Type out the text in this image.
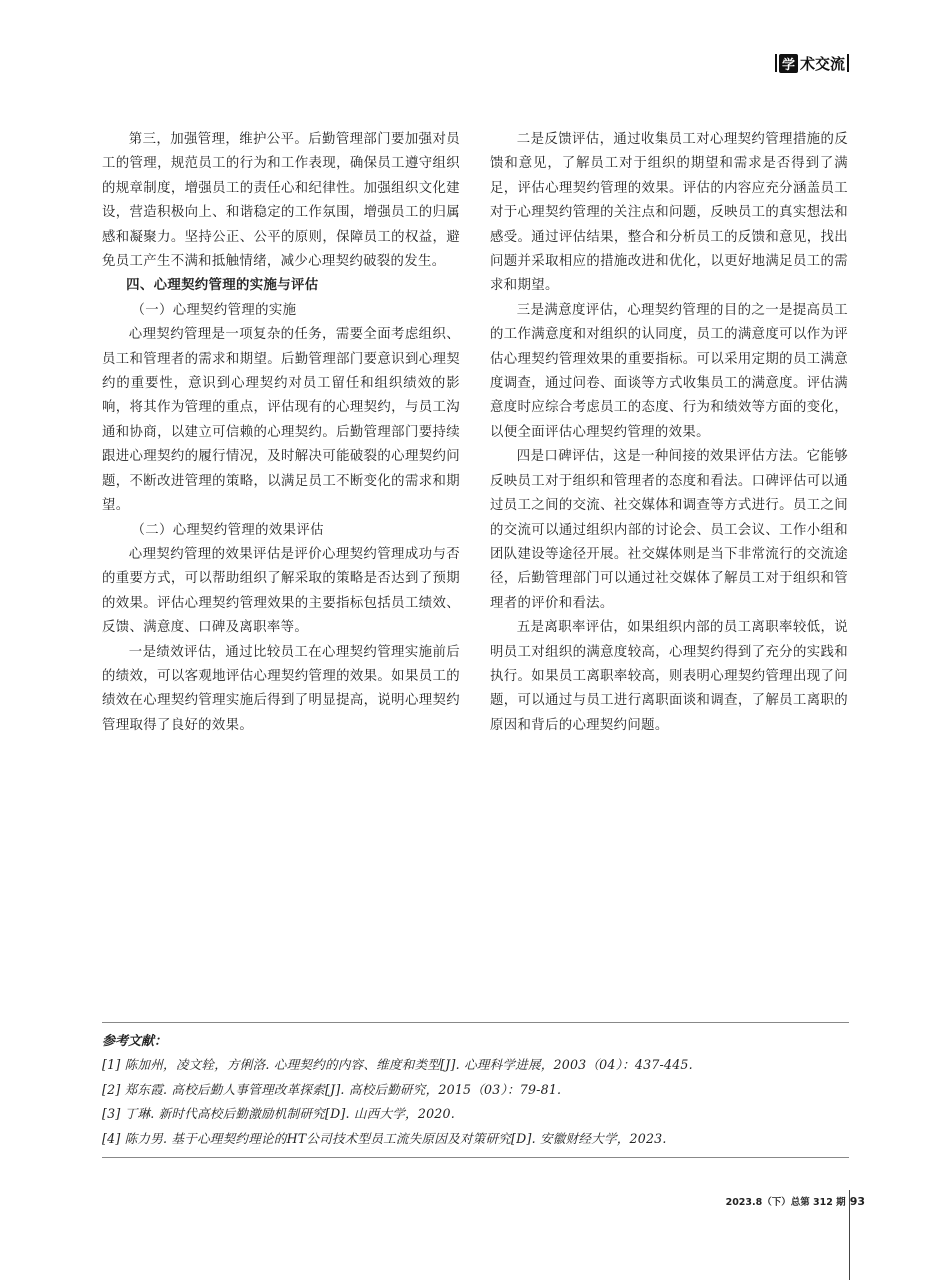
学 术交流

第三，加强管理，维护公平。后勤管理部门要加强对员工的管理，规范员工的行为和工作表现，确保员工遵守组织的规章制度，增强员工的责任心和纪律性。加强组织文化建设，营造积极向上、和谐稳定的工作氛围，增强员工的归属感和凝聚力。坚持公正、公平的原则，保障员工的权益，避免员工产生不满和抵触情绪，减少心理契约破裂的发生。

四、心理契约管理的实施与评估

（一）心理契约管理的实施

心理契约管理是一项复杂的任务，需要全面考虑组织、员工和管理者的需求和期望。后勤管理部门要意识到心理契约的重要性，意识到心理契约对员工留任和组织绩效的影响，将其作为管理的重点，评估现有的心理契约，与员工沟通和协商，以建立可信赖的心理契约。后勤管理部门要持续跟进心理契约的履行情况，及时解决可能破裂的心理契约问题，不断改进管理的策略，以满足员工不断变化的需求和期望。

（二）心理契约管理的效果评估

心理契约管理的效果评估是评价心理契约管理成功与否的重要方式，可以帮助组织了解采取的策略是否达到了预期的效果。评估心理契约管理效果的主要指标包括员工绩效、反馈、满意度、口碑及离职率等。

一是绩效评估，通过比较员工在心理契约管理实施前后的绩效，可以客观地评估心理契约管理的效果。如果员工的绩效在心理契约管理实施后得到了明显提高，说明心理契约管理取得了良好的效果。

二是反馈评估，通过收集员工对心理契约管理措施的反馈和意见，了解员工对于组织的期望和需求是否得到了满足，评估心理契约管理的效果。评估的内容应充分涵盖员工对于心理契约管理的关注点和问题，反映员工的真实想法和感受。通过评估结果，整合和分析员工的反馈和意见，找出问题并采取相应的措施改进和优化，以更好地满足员工的需求和期望。

三是满意度评估，心理契约管理的目的之一是提高员工的工作满意度和对组织的认同度，员工的满意度可以作为评估心理契约管理效果的重要指标。可以采用定期的员工满意度调查，通过问卷、面谈等方式收集员工的满意度。评估满意度时应综合考虑员工的态度、行为和绩效等方面的变化，以便全面评估心理契约管理的效果。

四是口碑评估，这是一种间接的效果评估方法。它能够反映员工对于组织和管理者的态度和看法。口碑评估可以通过员工之间的交流、社交媒体和调查等方式进行。员工之间的交流可以通过组织内部的讨论会、员工会议、工作小组和团队建设等途径开展。社交媒体则是当下非常流行的交流途径，后勤管理部门可以通过社交媒体了解员工对于组织和管理者的评价和看法。

五是离职率评估，如果组织内部的员工离职率较低，说明员工对组织的满意度较高，心理契约得到了充分的实践和执行。如果员工离职率较高，则表明心理契约管理出现了问题，可以通过与员工进行离职面谈和调查，了解员工离职的原因和背后的心理契约问题。

参考文献：
[1] 陈加州，凌文辁，方俐洛. 心理契约的内容、维度和类型[J]. 心理科学进展，2003（04）：437-445.
[2] 郑东霞. 高校后勤人事管理改革探索[J]. 高校后勤研究，2015（03）：79-81.
[3] 丁琳. 新时代高校后勤激励机制研究[D]. 山西大学，2020.
[4] 陈力男. 基于心理契约理论的HT公司技术型员工流失原因及对策研究[D]. 安徽财经大学，2023.
2023.8（下）总第 312 期 93
